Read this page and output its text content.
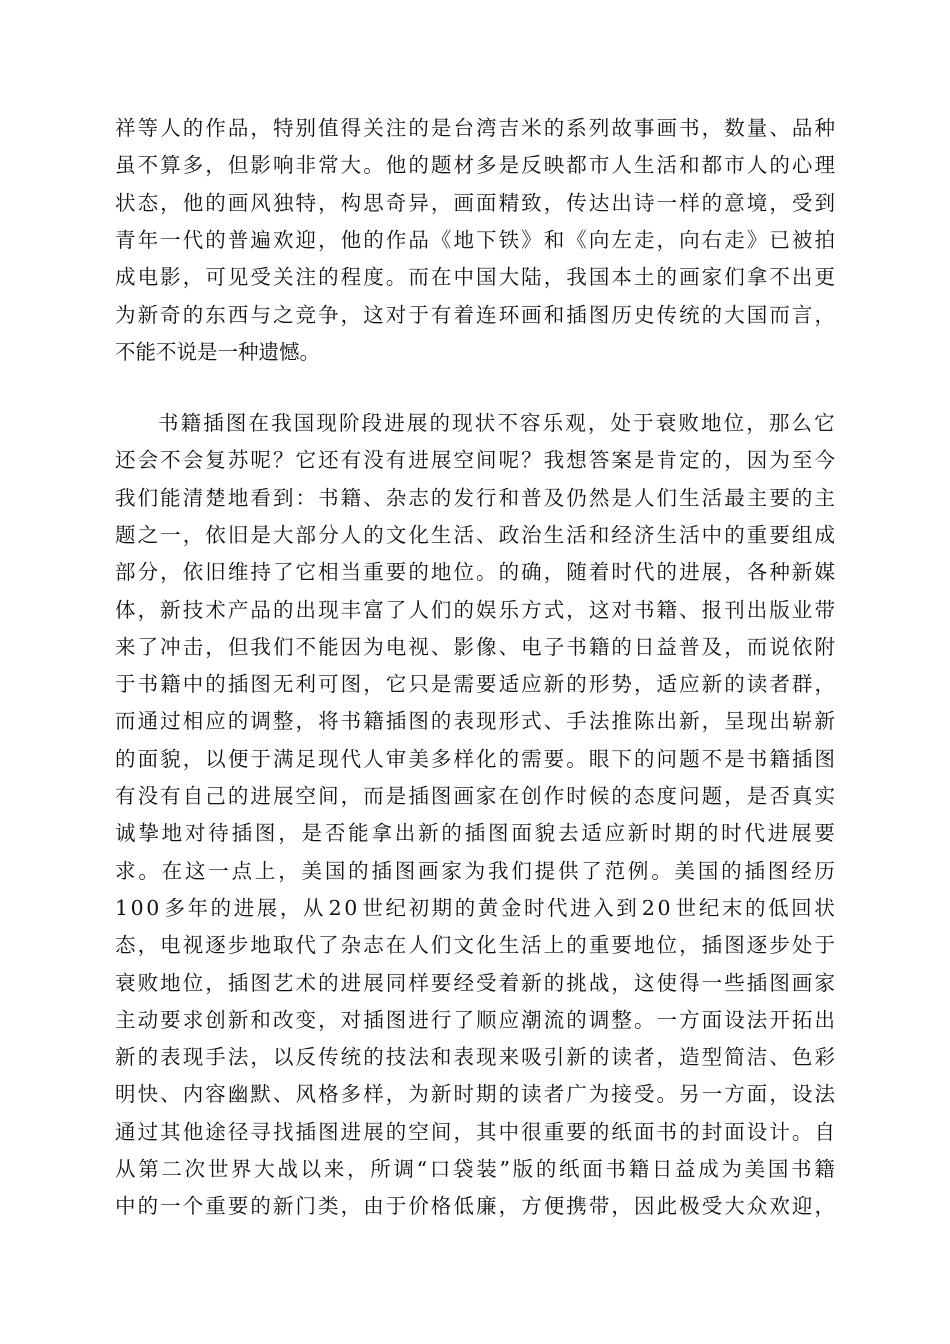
祥 等 人 的 作 品 ， 特 别 值 得 关 注 的 是 台 湾 吉 米 的 系 列 故 事 画 书 ， 数 量 、 品 种
虽 不 算 多 ， 但 影 响 非 常 大 。 他 的 题 材 多 是 反 映 都 市 人 生 活 和 都 市 人 的 心 理
状 态 ， 他 的 画 风 独 特 ， 构 思 奇 异 ， 画 面 精 致 ， 传 达 出 诗 一 样 的 意 境 ， 受 到
青 年 一 代 的 普 遍 欢 迎 ， 他 的 作 品 《 地 下 铁 》 和 《 向 左 走 ， 向 右 走 》 已 被 拍
成 电 影 ， 可 见 受 关 注 的 程 度 。 而 在 中 国 大 陆 ， 我 国 本 土 的 画 家 们 拿 不 出 更
为 新 奇 的 东 西 与 之 竞 争 ， 这 对 于 有 着 连 环 画 和 插 图 历 史 传 统 的 大 国 而 言 ，
不能不说是一种遗憾。
书 籍 插 图 在 我 国 现 阶 段 进 展 的 现 状 不 容 乐 观 ， 处 于 衰 败 地 位 ， 那 么 它
还 会 不 会 复 苏 呢 ？ 它 还 有 没 有 进 展 空 间 呢 ？ 我 想 答 案 是 肯 定 的 ， 因 为 至 今
我 们 能 清 楚 地 看 到 ： 书 籍 、 杂 志 的 发 行 和 普 及 仍 然 是 人 们 生 活 最 主 要 的 主
题 之 一 ， 依 旧 是 大 部 分 人 的 文 化 生 活 、 政 治 生 活 和 经 济 生 活 中 的 重 要 组 成
部 分 ， 依 旧 维 持 了 它 相 当 重 要 的 地 位 。 的 确 ， 随 着 时 代 的 进 展 ， 各 种 新 媒
体 ， 新 技 术 产 品 的 出 现 丰 富 了 人 们 的 娱 乐 方 式 ， 这 对 书 籍 、 报 刊 出 版 业 带
来 了 冲 击 ， 但 我 们 不 能 因 为 电 视 、 影 像 、 电 子 书 籍 的 日 益 普 及 ， 而 说 依 附
于 书 籍 中 的 插 图 无 利 可 图 ， 它 只 是 需 要 适 应 新 的 形 势 ， 适 应 新 的 读 者 群 ，
而 通 过 相 应 的 调 整 ， 将 书 籍 插 图 的 表 现 形 式 、 手 法 推 陈 出 新 ， 呈 现 出 崭 新
的 面 貌 ， 以 便 于 满 足 现 代 人 审 美 多 样 化 的 需 要 。 眼 下 的 问 题 不 是 书 籍 插 图
有 没 有 自 己 的 进 展 空 间 ， 而 是 插 图 画 家 在 创 作 时 候 的 态 度 问 题 ， 是 否 真 实
诚 挚 地 对 待 插 图 ， 是 否 能 拿 出 新 的 插 图 面 貌 去 适 应 新 时 期 的 时 代 进 展 要
求 。 在 这 一 点 上 ， 美 国 的 插 图 画 家 为 我 们 提 供 了 范 例 。 美 国 的 插 图 经 历
1 0 0 多 年 的 进 展 ， 从 2 0 世 纪 初 期 的 黄 金 时 代 进 入 到 2 0 世 纪 末 的 低 回 状
态 ， 电 视 逐 步 地 取 代 了 杂 志 在 人 们 文 化 生 活 上 的 重 要 地 位 ， 插 图 逐 步 处 于
衰 败 地 位 ， 插 图 艺 术 的 进 展 同 样 要 经 受 着 新 的 挑 战 ， 这 使 得 一 些 插 图 画 家
主 动 要 求 创 新 和 改 变 ， 对 插 图 进 行 了 顺 应 潮 流 的 调 整 。 一 方 面 设 法 开 拓 出
新 的 表 现 手 法 ， 以 反 传 统 的 技 法 和 表 现 来 吸 引 新 的 读 者 ， 造 型 简 洁 、 色 彩
明 快 、 内 容 幽 默 、 风 格 多 样 ， 为 新 时 期 的 读 者 广 为 接 受 。 另 一 方 面 ， 设 法
通 过 其 他 途 径 寻 找 插 图 进 展 的 空 间 ， 其 中 很 重 要 的 纸 面 书 的 封 面 设 计 。 自
从 第 二 次 世 界 大 战 以 来 ， 所 调 “ 口 袋 装 ” 版 的 纸 面 书 籍 日 益 成 为 美 国 书 籍
中 的 一 个 重 要 的 新 门 类 ， 由 于 价 格 低 廉 ， 方 便 携 带 ， 因 此 极 受 大 众 欢 迎 ，
